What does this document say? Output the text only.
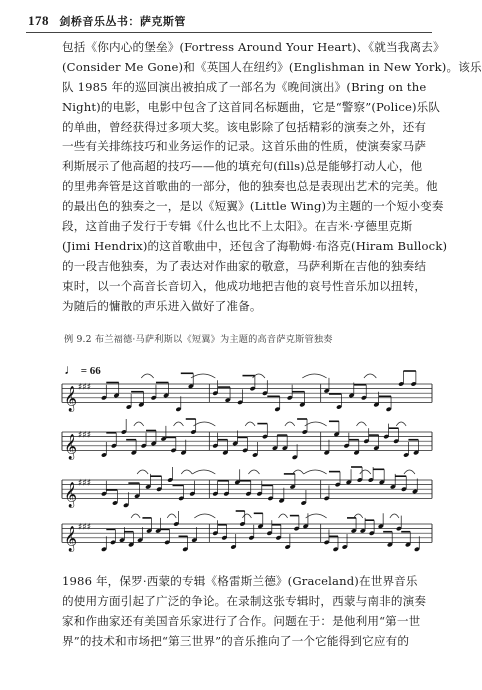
178 剑桥音乐丛书：萨克斯管
包括《你内心的堡垒》(Fortress Around Your Heart)、《就当我离去》
(Consider Me Gone)和《英国人在纽约》(Englishman in New York)。该乐
队 1985 年的巡回演出被拍成了一部名为《晚间演出》(Bring on the
Night)的电影，电影中包含了这首同名标题曲，它是“警察”(Police)乐队
的单曲，曾经获得过多项大奖。该电影除了包括精彩的演奏之外，还有
一些有关排练技巧和业务运作的记录。这首乐曲的性质，使演奏家马萨
利斯展示了他高超的技巧——他的填充句(fills)总是能够打动人心，他
的里弗奔管是这首歌曲的一部分，他的独奏也总是表现出艺术的完美。他
的最出色的独奏之一，是以《短翼》(Little Wing)为主题的一个短小变奏
段，这首曲子发行于专辑《什么也比不上太阳》。在吉米·亨德里克斯
(Jimi Hendrix)的这首歌曲中，还包含了海勒姆·布洛克(Hiram Bullock)
的一段吉他独奏，为了表达对作曲家的敬意，马萨利斯在吉他的独奏结
束时，以一个高音长音切入，他成功地把吉他的哀号性音乐加以扭转，
为随后的慵散的声乐进入做好了准备。
例 9.2 布兰福德·马萨利斯以《短翼》为主题的高音萨克斯管独奏
♩ = 66
𝄞 ♯♯♯
𝄞 ♯♯♯
𝄞 ♯♯♯
𝄞 ♯♯♯
1986 年，保罗·西蒙的专辑《格雷斯兰德》(Graceland)在世界音乐
的使用方面引起了广泛的争论。在录制这张专辑时，西蒙与南非的演奏
家和作曲家还有美国音乐家进行了合作。问题在于：是他利用“第一世
界”的技术和市场把“第三世界”的音乐推向了一个它能得到它应有的
